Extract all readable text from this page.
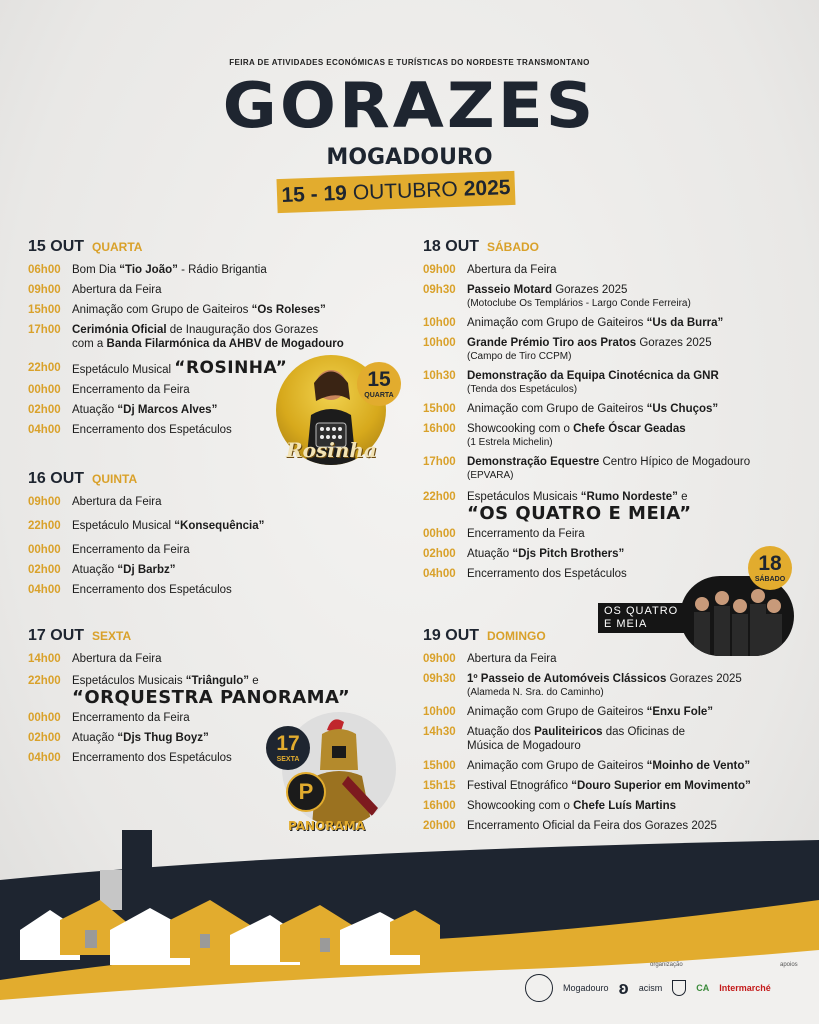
FEIRA DE ATIVIDADES ECONÓMICAS E TURÍSTICAS DO NORDESTE TRANSMONTANO
GORAZES
MOGADOURO
15 - 19 OUTUBRO 2025
15 OUT QUARTA
06h00 Bom Dia “Tio João” - Rádio Brigantia
09h00 Abertura da Feira
15h00 Animação com Grupo de Gaiteiros “Os Roleses”
17h00 Cerimónia Oficial de Inauguração dos Gorazes
com a Banda Filarmónica da AHBV de Mogadouro
22h00 Espetáculo Musical “ROSINHA”
00h00 Encerramento da Feira
02h00 Atuação “Dj Marcos Alves”
04h00 Encerramento dos Espetáculos
Rosinha
15
QUARTA
16 OUT QUINTA
09h00 Abertura da Feira
22h00 Espetáculo Musical “Konsequência”
00h00 Encerramento da Feira
02h00 Atuação “Dj Barbz”
04h00 Encerramento dos Espetáculos
17 OUT SEXTA
14h00 Abertura da Feira
22h00 Espetáculos Musicais “Triângulo” e
“ORQUESTRA PANORAMA”
00h00 Encerramento da Feira
02h00 Atuação “Djs Thug Boyz”
04h00 Encerramento dos Espetáculos
P
PANORAMA
17
SEXTA
18 OUT SÁBADO
09h00 Abertura da Feira
09h30 Passeio Motard Gorazes 2025
(Motoclube Os Templários - Largo Conde Ferreira)
10h00 Animação com Grupo de Gaiteiros “Us da Burra”
10h00 Grande Prémio Tiro aos Pratos Gorazes 2025
(Campo de Tiro CCPM)
10h30 Demonstração da Equipa Cinotécnica da GNR
(Tenda dos Espetáculos)
15h00 Animação com Grupo de Gaiteiros “Us Chuços”
16h00 Showcooking com o Chefe Óscar Geadas
(1 Estrela Michelin)
17h00 Demonstração Equestre Centro Hípico de Mogadouro
(EPVARA)
22h00 Espetáculos Musicais “Rumo Nordeste” e
“OS QUATRO E MEIA”
00h00 Encerramento da Feira
02h00 Atuação “Djs Pitch Brothers”
04h00 Encerramento dos Espetáculos
OS QUATRO
E MEIA
18
SÁBADO
19 OUT DOMINGO
09h00 Abertura da Feira
09h30 1º Passeio de Automóveis Clássicos Gorazes 2025
(Alameda N. Sra. do Caminho)
10h00 Animação com Grupo de Gaiteiros “Enxu Fole”
14h30 Atuação dos Pauliteiricos das Oficinas de
Música de Mogadouro
15h00 Animação com Grupo de Gaiteiros “Moinho de Vento”
15h15 Festival Etnográfico “Douro Superior em Movimento”
16h00 Showcooking com o Chefe Luís Martins
20h00 Encerramento Oficial da Feira dos Gorazes 2025
organização	apoios
Mogadouro ʚ acism	CA Intermarché
